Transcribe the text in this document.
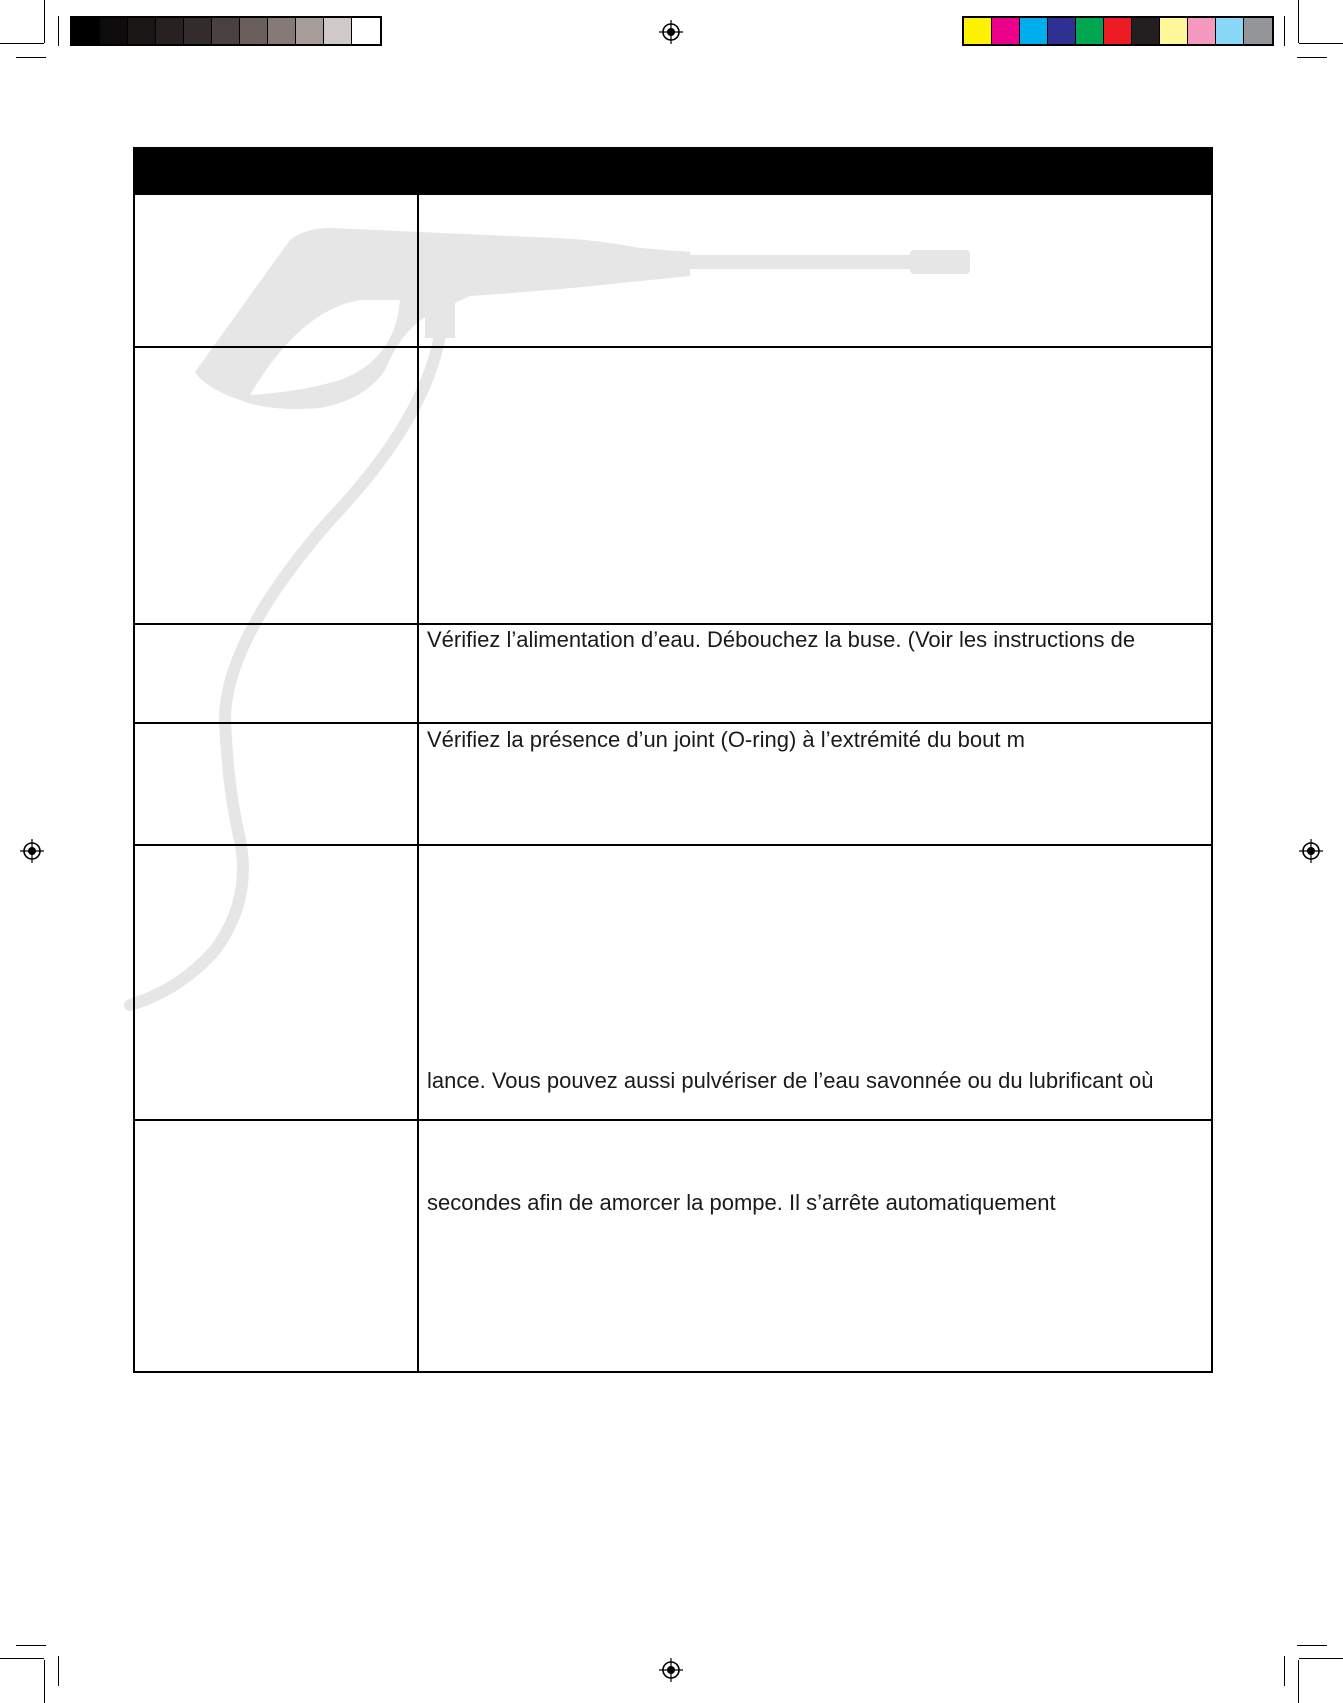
Vérifiez l’alimentation d’eau. Débouchez la buse. (Voir les instructions de
Vérifiez la présence d’un joint (O-ring) à l’extrémité du bout m
lance. Vous pouvez aussi pulvériser de l’eau savonnée ou du lubrificant où
secondes afin de amorcer la pompe. Il s’arrête automatiquement
